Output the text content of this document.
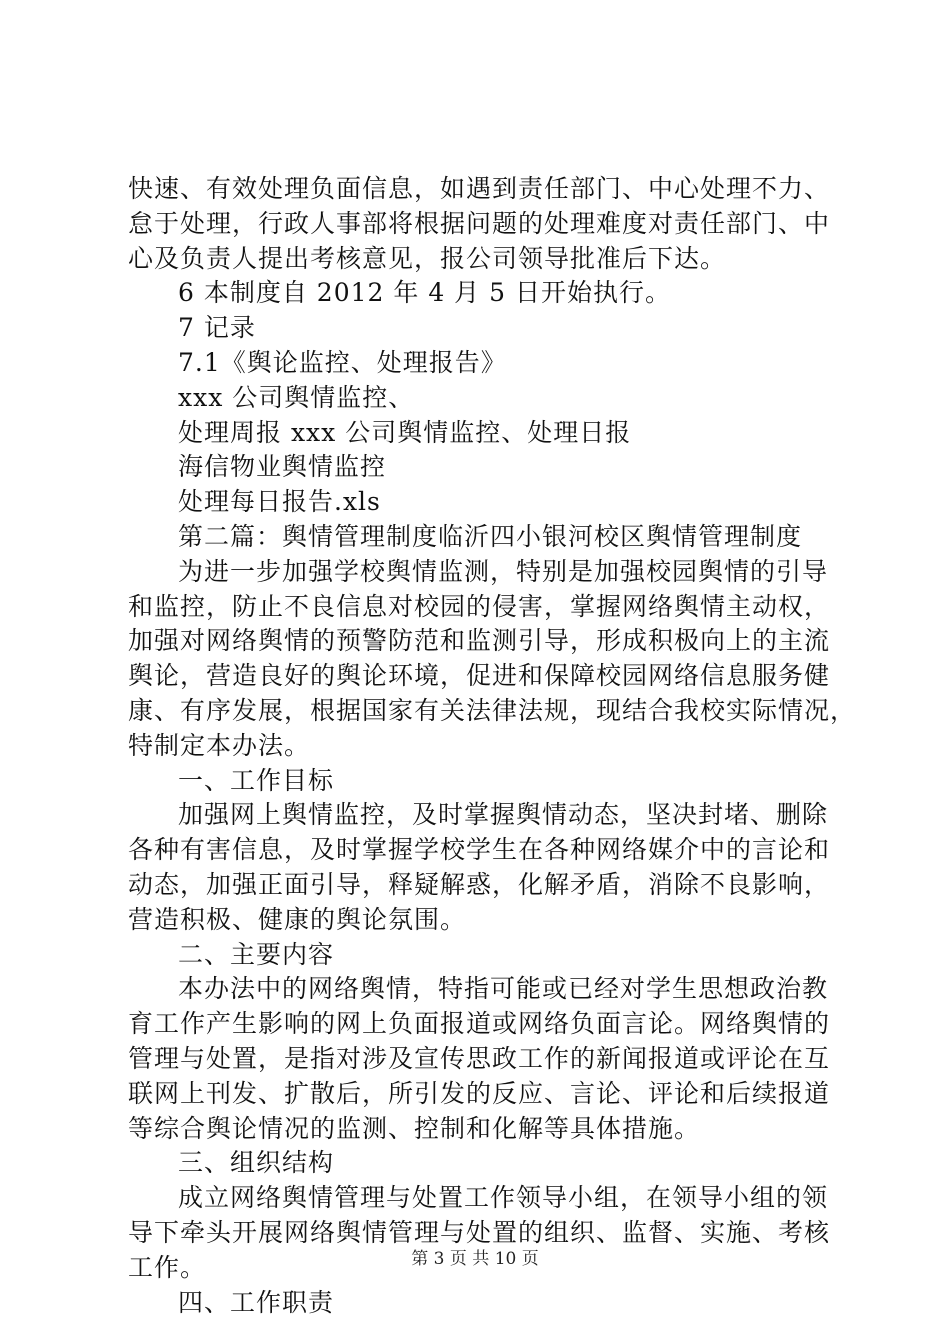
快速、有效处理负面信息，如遇到责任部门、中心处理不力、
怠于处理，行政人事部将根据问题的处理难度对责任部门、中
心及负责人提出考核意见，报公司领导批准后下达。
6 本制度自 2012 年 4 月 5 日开始执行。
7 记录
7.1《舆论监控、处理报告》
xxx 公司舆情监控、
处理周报 xxx 公司舆情监控、处理日报
海信物业舆情监控
处理每日报告.xls
第二篇：舆情管理制度临沂四小银河校区舆情管理制度
为进一步加强学校舆情监测，特别是加强校园舆情的引导
和监控，防止不良信息对校园的侵害，掌握网络舆情主动权，
加强对网络舆情的预警防范和监测引导，形成积极向上的主流
舆论，营造良好的舆论环境，促进和保障校园网络信息服务健
康、有序发展，根据国家有关法律法规，现结合我校实际情况，
特制定本办法。
一、工作目标
加强网上舆情监控，及时掌握舆情动态，坚决封堵、删除
各种有害信息，及时掌握学校学生在各种网络媒介中的言论和
动态，加强正面引导，释疑解惑，化解矛盾，消除不良影响，
营造积极、健康的舆论氛围。
二、主要内容
本办法中的网络舆情，特指可能或已经对学生思想政治教
育工作产生影响的网上负面报道或网络负面言论。网络舆情的
管理与处置，是指对涉及宣传思政工作的新闻报道或评论在互
联网上刊发、扩散后，所引发的反应、言论、评论和后续报道
等综合舆论情况的监测、控制和化解等具体措施。
三、组织结构
成立网络舆情管理与处置工作领导小组，在领导小组的领
导下牵头开展网络舆情管理与处置的组织、监督、实施、考核
工作。
四、工作职责
第 3 页 共 10 页
